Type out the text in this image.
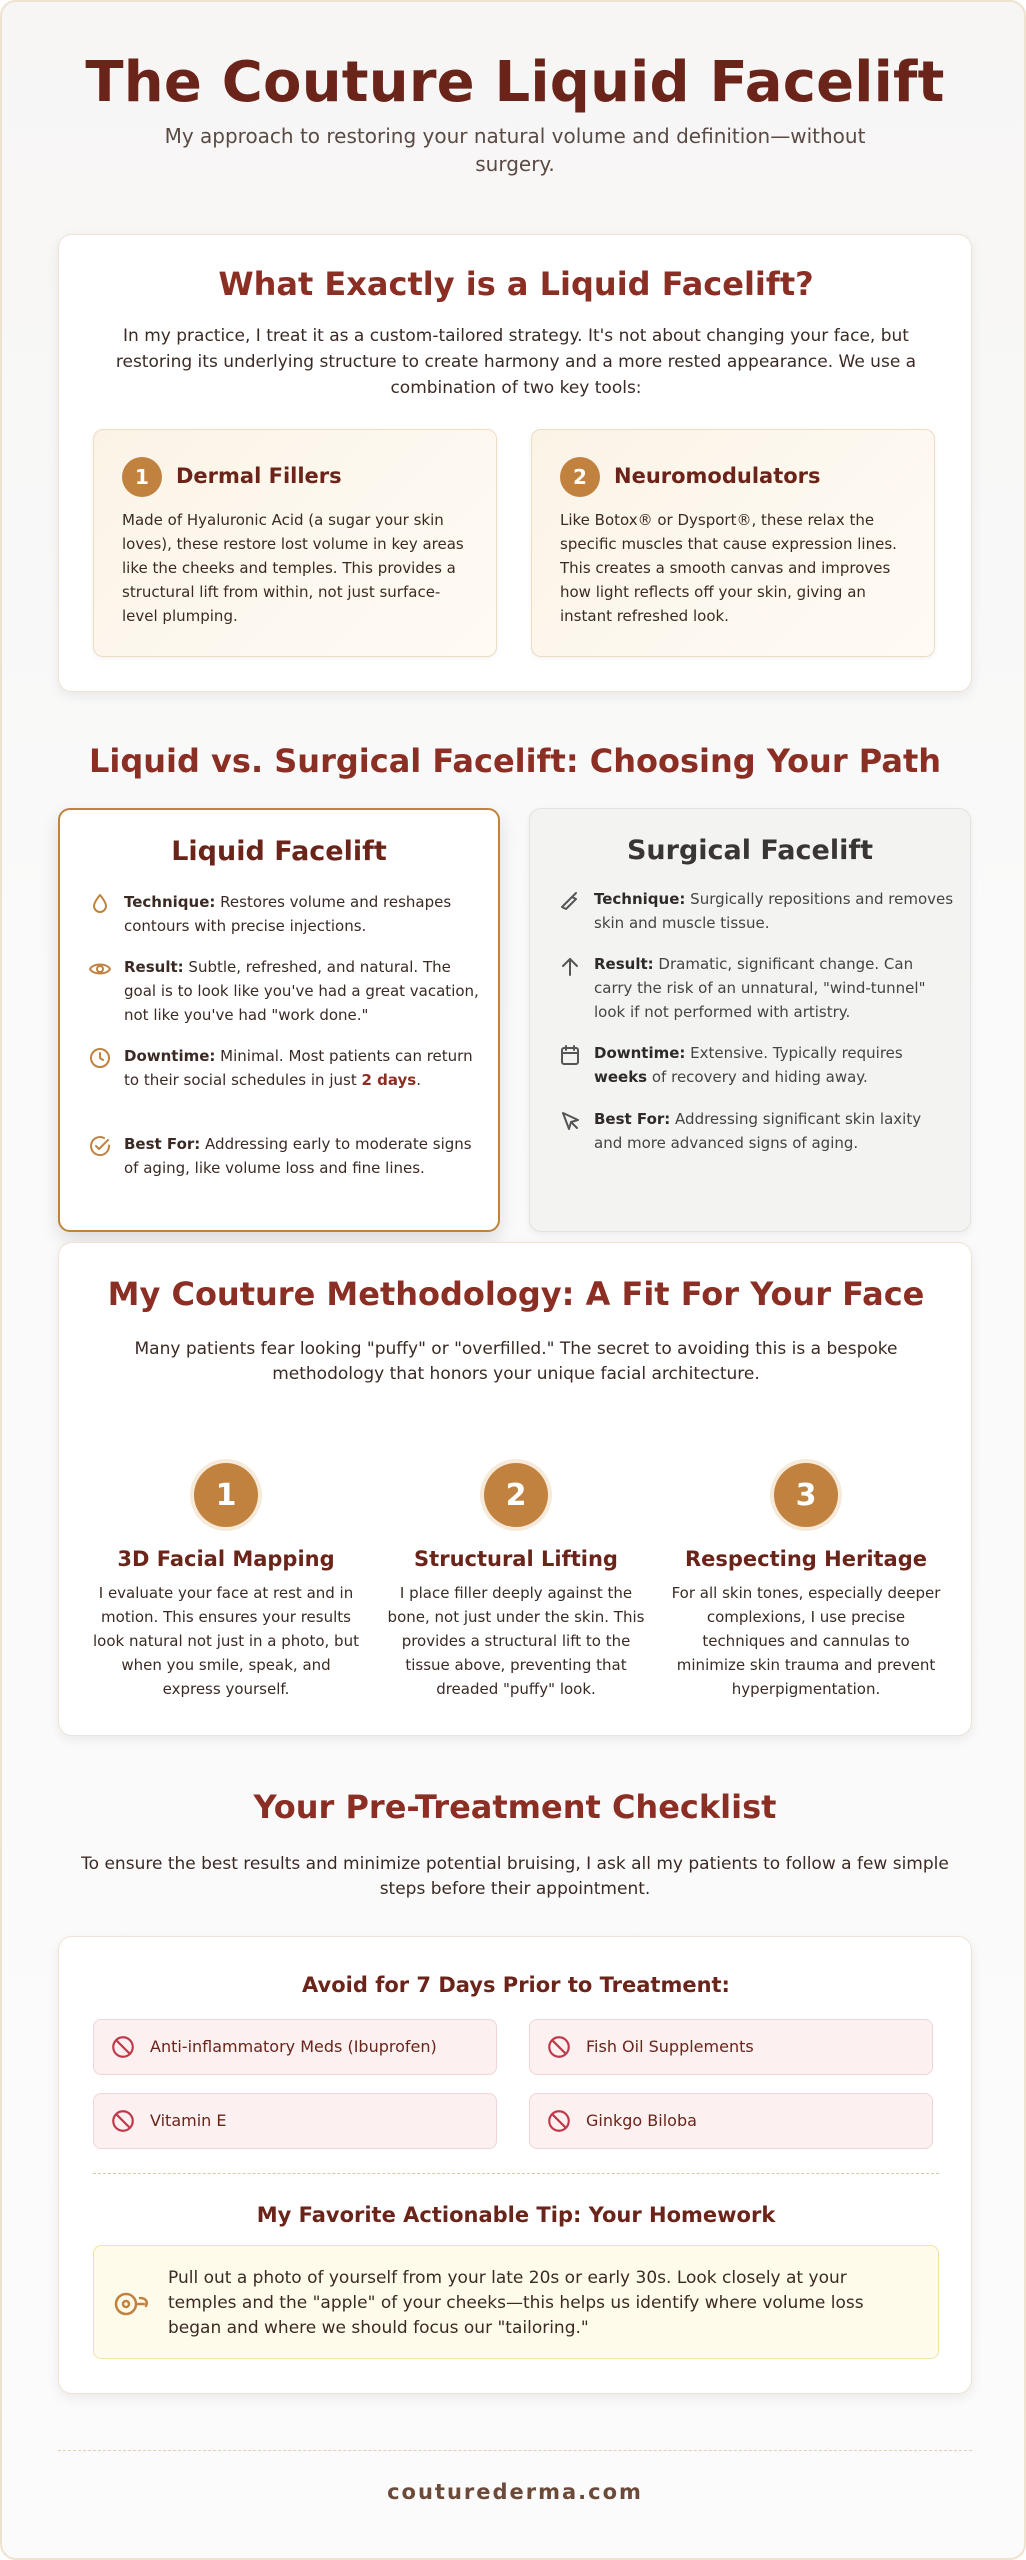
The Couture Liquid Facelift

My approach to restoring your natural volume and definition—without surgery.

What Exactly is a Liquid Facelift?

In my practice, I treat it as a custom-tailored strategy. It's not about changing your face, but restoring its underlying structure to create harmony and a more rested appearance. We use a combination of two key tools:

1	Dermal Fillers

Made of Hyaluronic Acid (a sugar your skin loves), these restore lost volume in key areas like the cheeks and temples. This provides a structural lift from within, not just surface-level plumping.

2	Neuromodulators

Like Botox® or Dysport®, these relax the specific muscles that cause expression lines. This creates a smooth canvas and improves how light reflects off your skin, giving an instant refreshed look.

Liquid vs. Surgical Facelift: Choosing Your Path
Liquid Facelift

Technique: Restores volume and reshapes contours with precise injections.

Result: Subtle, refreshed, and natural. The goal is to look like you've had a great vacation, not like you've had "work done."

Downtime: Minimal. Most patients can return to their social schedules in just 2 days.

Best For: Addressing early to moderate signs of aging, like volume loss and fine lines.

Surgical Facelift

Technique: Surgically repositions and removes skin and muscle tissue.

Result: Dramatic, significant change. Can carry the risk of an unnatural, "wind-tunnel" look if not performed with artistry.

Downtime: Extensive. Typically requires weeks of recovery and hiding away.

Best For: Addressing significant skin laxity and more advanced signs of aging.

My Couture Methodology: A Fit For Your Face

Many patients fear looking "puffy" or "overfilled." The secret to avoiding this is a bespoke methodology that honors your unique facial architecture.

1
3D Facial Mapping

I evaluate your face at rest and in motion. This ensures your results look natural not just in a photo, but when you smile, speak, and express yourself.

2
Structural Lifting

I place filler deeply against the bone, not just under the skin. This provides a structural lift to the tissue above, preventing that dreaded "puffy" look.

3
Respecting Heritage

For all skin tones, especially deeper complexions, I use precise techniques and cannulas to minimize skin trauma and prevent hyperpigmentation.

Your Pre-Treatment Checklist

To ensure the best results and minimize potential bruising, I ask all my patients to follow a few simple steps before their appointment.

Avoid for 7 Days Prior to Treatment:
Anti-inflammatory Meds (Ibuprofen)	Fish Oil Supplements
Vitamin E	Ginkgo Biloba
My Favorite Actionable Tip: Your Homework

Pull out a photo of yourself from your late 20s or early 30s. Look closely at your temples and the "apple" of your cheeks—this helps us identify where volume loss began and where we should focus our "tailoring."

couturederma.com
